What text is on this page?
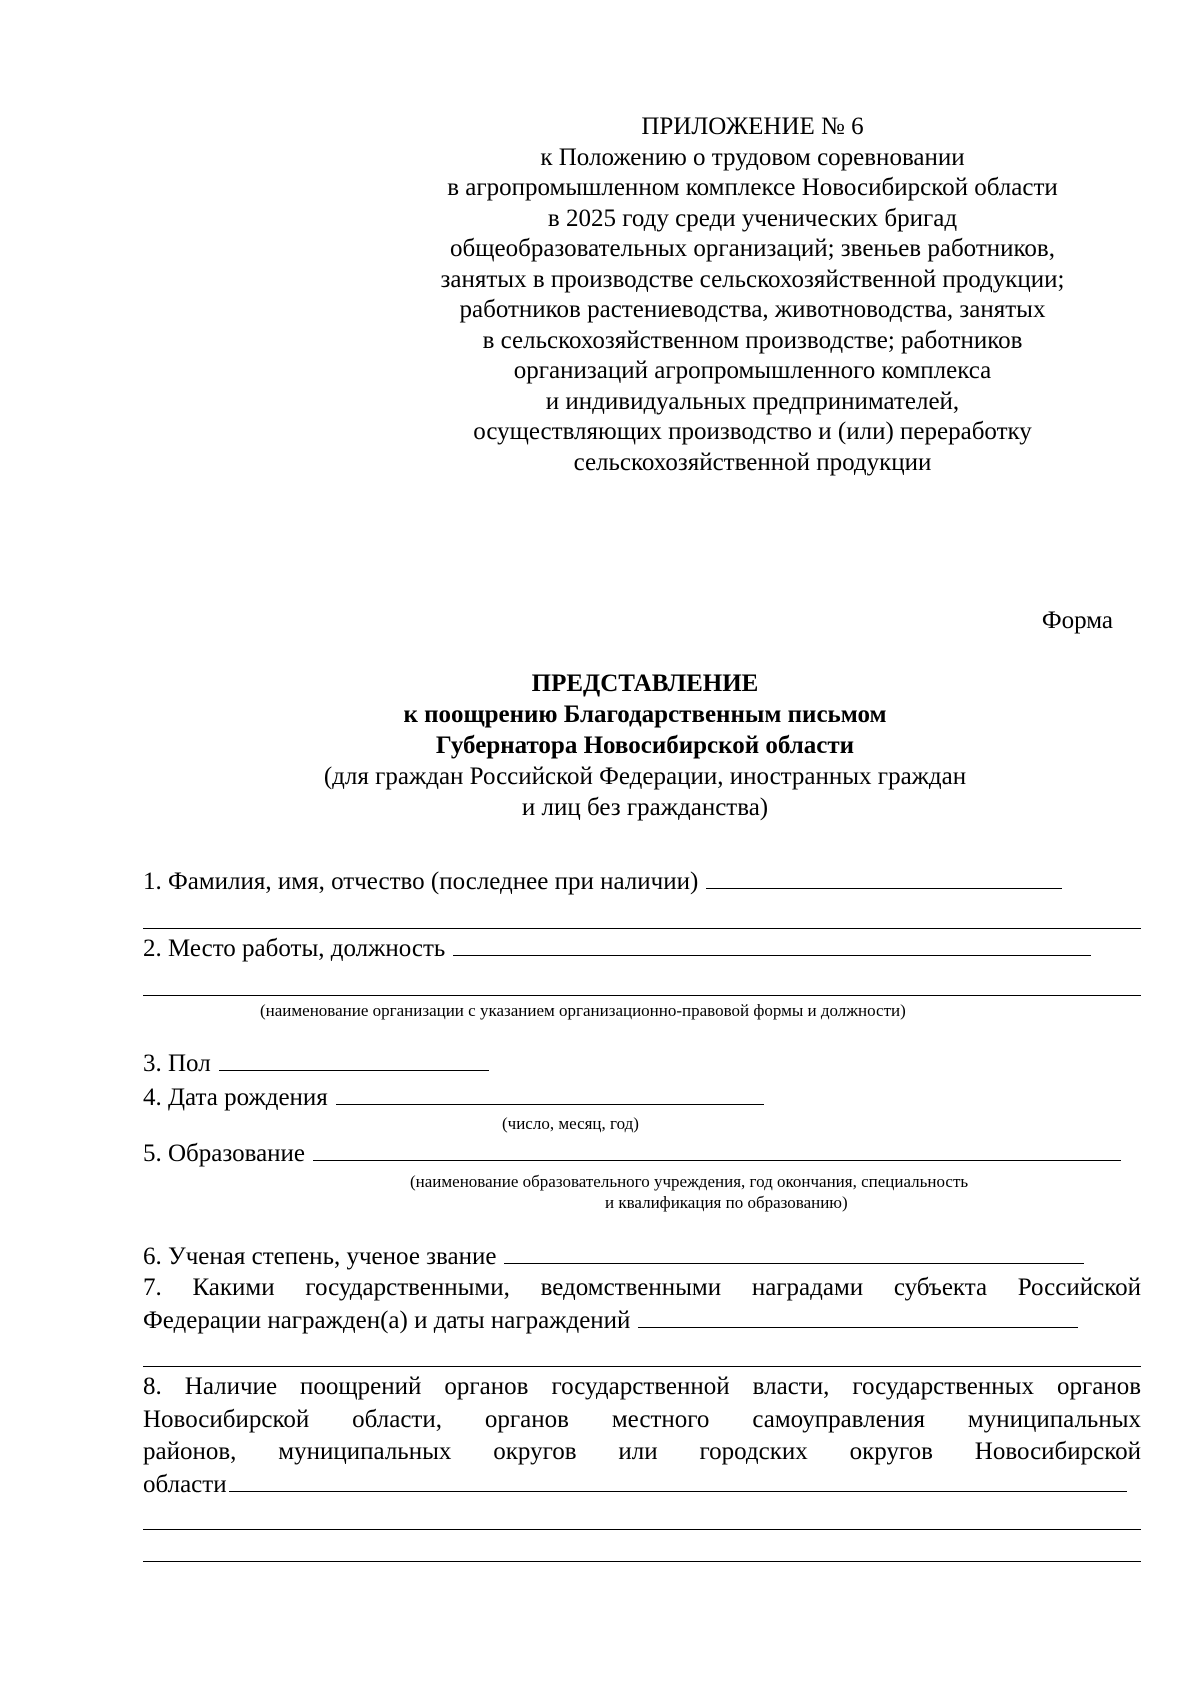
ПРИЛОЖЕНИЕ № 6
к Положению о трудовом соревновании
в агропромышленном комплексе Новосибирской области
в 2025 году среди ученических бригад
общеобразовательных организаций; звеньев работников,
занятых в производстве сельскохозяйственной продукции;
работников растениеводства, животноводства, занятых
в сельскохозяйственном производстве; работников
организаций агропромышленного комплекса
и индивидуальных предпринимателей,
осуществляющих производство и (или) переработку
сельскохозяйственной продукции
Форма
ПРЕДСТАВЛЕНИЕ
к поощрению Благодарственным письмом
Губернатора Новосибирской области
(для граждан Российской Федерации, иностранных граждан
и лиц без гражданства)
1. Фамилия, имя, отчество (последнее при наличии)
2. Место работы, должность
(наименование организации с указанием организационно-правовой формы и должности)
3. Пол
4. Дата рождения
(число, месяц, год)
5. Образование
(наименование образовательного учреждения, год окончания, специальность
и квалификация по образованию)
6. Ученая степень, ученое звание
7. Какими государственными, ведомственными наградами субъекта Российской
Федерации награжден(а) и даты награждений
8. Наличие поощрений органов государственной власти, государственных органов
Новосибирской области, органов местного самоуправления муниципальных
районов, муниципальных округов или городских округов Новосибирской
области
